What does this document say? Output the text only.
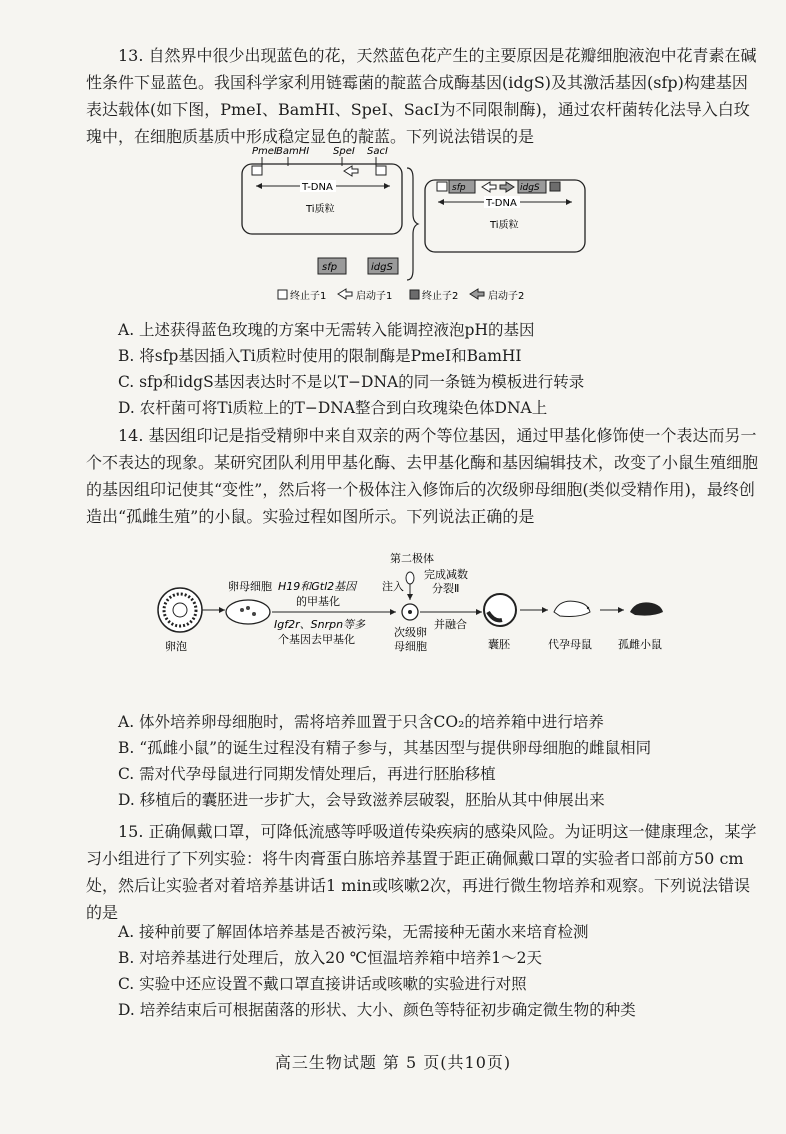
13. 自然界中很少出现蓝色的花，天然蓝色花产生的主要原因是花瓣细胞液泡中花青素在碱性条件下显蓝色。我国科学家利用链霉菌的靛蓝合成酶基因(idgS)及其激活基因(sfp)构建基因表达载体(如下图，PmeI、BamHI、SpeI、SacI为不同限制酶)，通过农杆菌转化法导入白玫瑰中，在细胞质基质中形成稳定显色的靛蓝。下列说法错误的是

PmeⅠ BamHⅠ SpeⅠ SacⅠ
T-DNA
Ti质粒
sfp	idgS
sfp	idgS
T-DNA
Ti质粒
终止子1	启动子1	终止子2	启动子2

A. 上述获得蓝色玫瑰的方案中无需转入能调控液泡pH的基因

B. 将sfp基因插入Ti质粒时使用的限制酶是PmeI和BamHI

C. sfp和idgS基因表达时不是以T−DNA的同一条链为模板进行转录

D. 农杆菌可将Ti质粒上的T−DNA整合到白玫瑰染色体DNA上

14. 基因组印记是指受精卵中来自双亲的两个等位基因，通过甲基化修饰使一个表达而另一个不表达的现象。某研究团队利用甲基化酶、去甲基化酶和基因编辑技术，改变了小鼠生殖细胞的基因组印记使其“变性”，然后将一个极体注入修饰后的次级卵母细胞(类似受精作用)，最终创造出“孤雌生殖”的小鼠。实验过程如图所示。下列说法正确的是

卵泡
卵母细胞 H19和Gtl2基因
的甲基化
Igf2r、Snrpn等多
个基因去甲基化
第二极体
注入
次级卵
母细胞
完成减数
分裂Ⅱ
并融合
囊胚	代孕母鼠 孤雌小鼠

A. 体外培养卵母细胞时，需将培养皿置于只含CO₂的培养箱中进行培养

B. “孤雌小鼠”的诞生过程没有精子参与，其基因型与提供卵母细胞的雌鼠相同

C. 需对代孕母鼠进行同期发情处理后，再进行胚胎移植

D. 移植后的囊胚进一步扩大，会导致滋养层破裂，胚胎从其中伸展出来

15. 正确佩戴口罩，可降低流感等呼吸道传染疾病的感染风险。为证明这一健康理念，某学习小组进行了下列实验：将牛肉膏蛋白胨培养基置于距正确佩戴口罩的实验者口部前方50 cm处，然后让实验者对着培养基讲话1 min或咳嗽2次，再进行微生物培养和观察。下列说法错误的是

A. 接种前要了解固体培养基是否被污染，无需接种无菌水来培育检测

B. 对培养基进行处理后，放入20 ℃恒温培养箱中培养1～2天

C. 实验中还应设置不戴口罩直接讲话或咳嗽的实验进行对照

D. 培养结束后可根据菌落的形状、大小、颜色等特征初步确定微生物的种类

高三生物试题 第 5 页(共10页)
